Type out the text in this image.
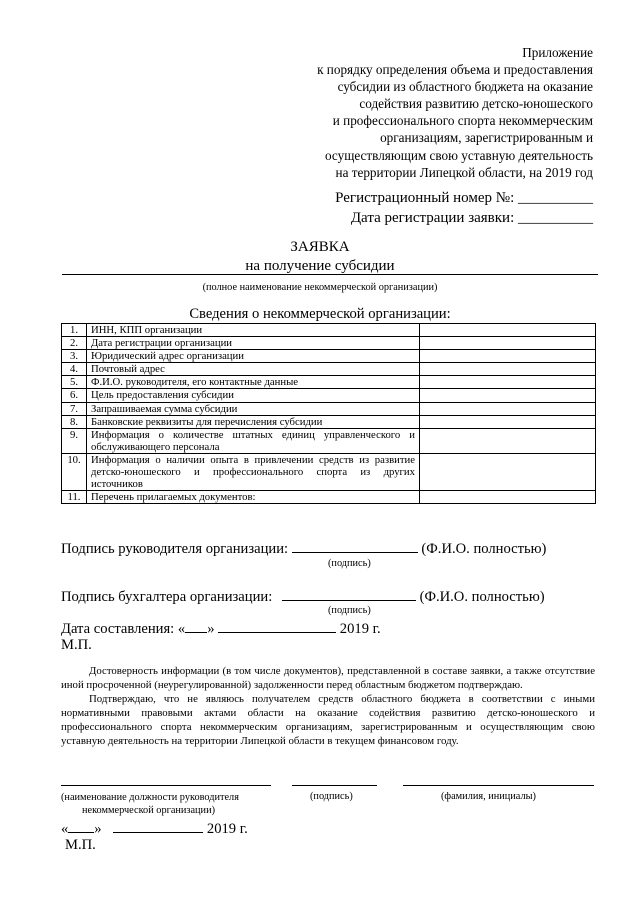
Приложение
к порядку определения объема и предоставления
субсидии из областного бюджета на оказание
содействия развитию детско-юношеского
и профессионального спорта некоммерческим
организациям, зарегистрированным и
осуществляющим свою уставную деятельность
на территории Липецкой области, на 2019 год
Регистрационный номер №: __________
Дата регистрации заявки: __________
ЗАЯВКА
на получение субсидии
(полное наименование некоммерческой организации)
Сведения о некоммерческой организации:
1.	ИНН, КПП организации	
2.	Дата регистрации организации	
3.	Юридический адрес организации	
4.	Почтовый адрес	
5.	Ф.И.О. руководителя, его контактные данные	
6.	Цель предоставления субсидии	
7.	Запрашиваемая сумма субсидии	
8.	Банковские реквизиты для перечисления субсидии	
9.	Информация о количестве штатных единиц управленческого и обслуживающего персонала	
10.	Информация о наличии опыта в привлечении средств из развитие детско-юношеского и профессионального спорта из других источников	
11.	Перечень прилагаемых документов:	
Подпись руководителя организации:	(Ф.И.О. полностью)
(подпись)
Подпись бухгалтера организации:	(Ф.И.О. полностью)
(подпись)
Дата составления: « »	2019 г.
М.П.

Достоверность информации (в том числе документов), представленной в составе заявки, а также отсутствие иной просроченной (неурегулированной) задолженности перед областным бюджетом подтверждаю.

Подтверждаю, что не являюсь получателем средств областного бюджета в соответствии с иными нормативными правовыми актами области на оказание содействия развитию детско-юношеского и профессионального спорта некоммерческим организациям, зарегистрированным и осуществляющим свою уставную деятельность на территории Липецкой области в текущем финансовом году.

(наименование должности руководителя
некоммерческой организации)
(подпись)	(фамилия, инициалы)
« »	2019 г.
М.П.
